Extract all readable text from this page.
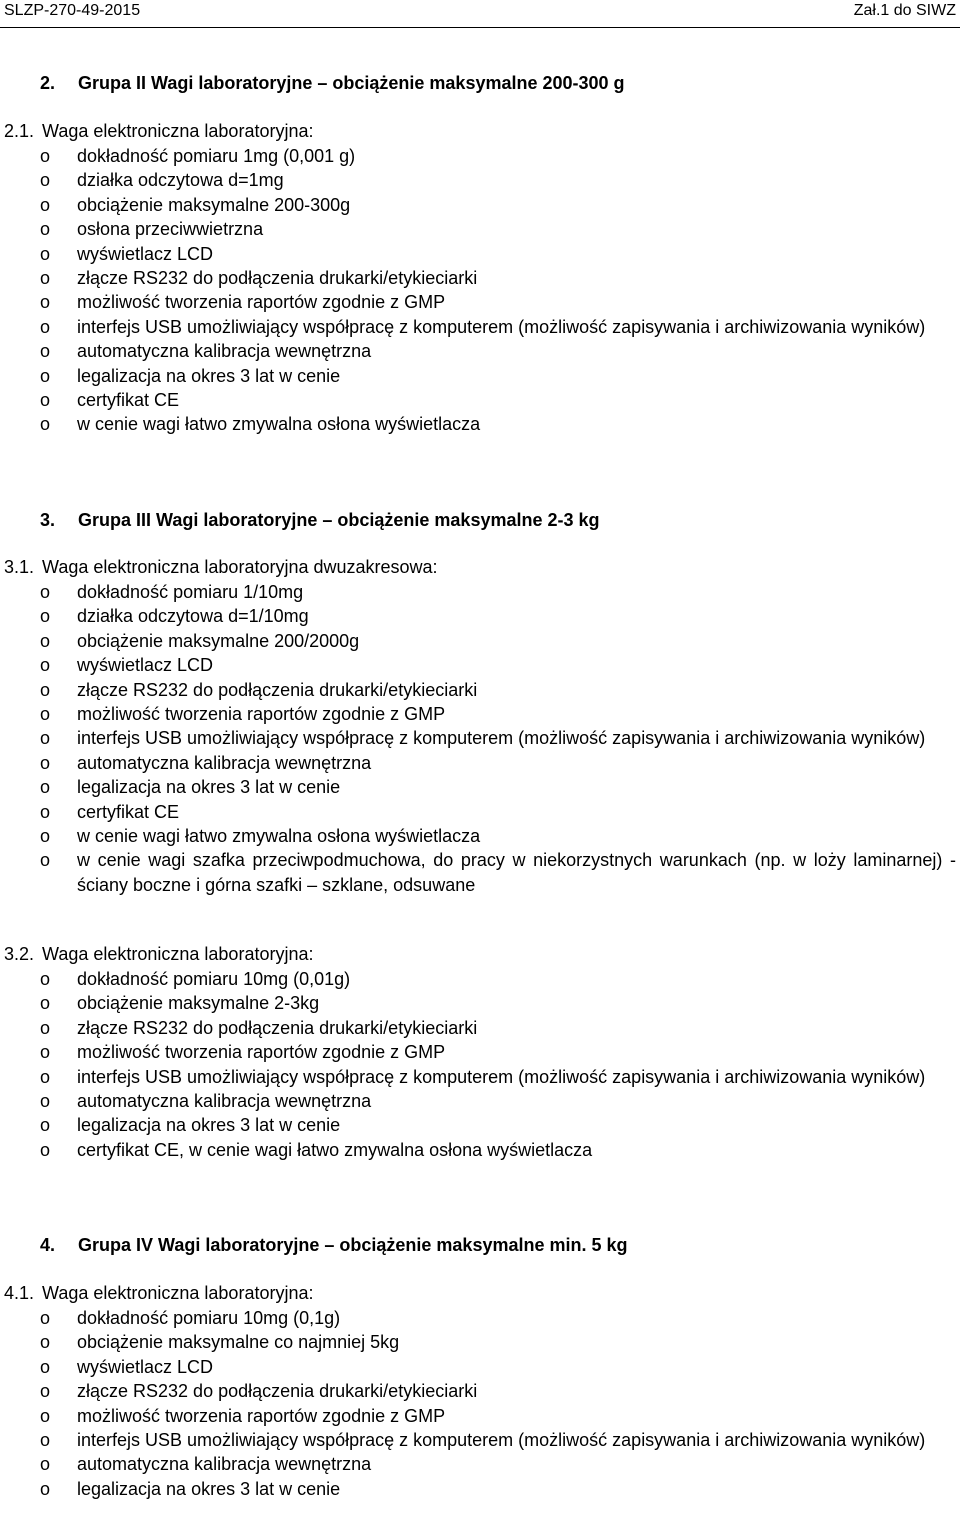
SLZP-270-49-2015	Zał.1 do SIWZ
2. Grupa II Wagi laboratoryjne – obciążenie maksymalne 200-300 g
2.1. Waga elektroniczna laboratoryjna:
o dokładność pomiaru 1mg (0,001 g)
o działka odczytowa d=1mg
o obciążenie maksymalne 200-300g
o osłona przeciwwietrzna
o wyświetlacz LCD
o złącze RS232 do podłączenia drukarki/etykieciarki
o możliwość tworzenia raportów zgodnie z GMP
o interfejs USB umożliwiający współpracę z komputerem (możliwość zapisywania i archiwizowania wyników)
o automatyczna kalibracja wewnętrzna
o legalizacja na okres 3 lat w cenie
o certyfikat CE
o w cenie wagi łatwo zmywalna osłona wyświetlacza
3. Grupa III Wagi laboratoryjne – obciążenie maksymalne 2-3 kg
3.1. Waga elektroniczna laboratoryjna dwuzakresowa:
o dokładność pomiaru 1/10mg
o działka odczytowa d=1/10mg
o obciążenie maksymalne 200/2000g
o wyświetlacz LCD
o złącze RS232 do podłączenia drukarki/etykieciarki
o możliwość tworzenia raportów zgodnie z GMP
o interfejs USB umożliwiający współpracę z komputerem (możliwość zapisywania i archiwizowania wyników)
o automatyczna kalibracja wewnętrzna
o legalizacja na okres 3 lat w cenie
o certyfikat CE
o w cenie wagi łatwo zmywalna osłona wyświetlacza
o w cenie wagi szafka przeciwpodmuchowa, do pracy w niekorzystnych warunkach (np. w loży laminarnej) - ściany boczne i górna szafki – szklane, odsuwane
3.2. Waga elektroniczna laboratoryjna:
o dokładność pomiaru 10mg (0,01g)
o obciążenie maksymalne 2-3kg
o złącze RS232 do podłączenia drukarki/etykieciarki
o możliwość tworzenia raportów zgodnie z GMP
o interfejs USB umożliwiający współpracę z komputerem (możliwość zapisywania i archiwizowania wyników)
o automatyczna kalibracja wewnętrzna
o legalizacja na okres 3 lat w cenie
o certyfikat CE, w cenie wagi łatwo zmywalna osłona wyświetlacza
4. Grupa IV Wagi laboratoryjne – obciążenie maksymalne min. 5 kg
4.1. Waga elektroniczna laboratoryjna:
o dokładność pomiaru 10mg (0,1g)
o obciążenie maksymalne co najmniej 5kg
o wyświetlacz LCD
o złącze RS232 do podłączenia drukarki/etykieciarki
o możliwość tworzenia raportów zgodnie z GMP
o interfejs USB umożliwiający współpracę z komputerem (możliwość zapisywania i archiwizowania wyników)
o automatyczna kalibracja wewnętrzna
o legalizacja na okres 3 lat w cenie
